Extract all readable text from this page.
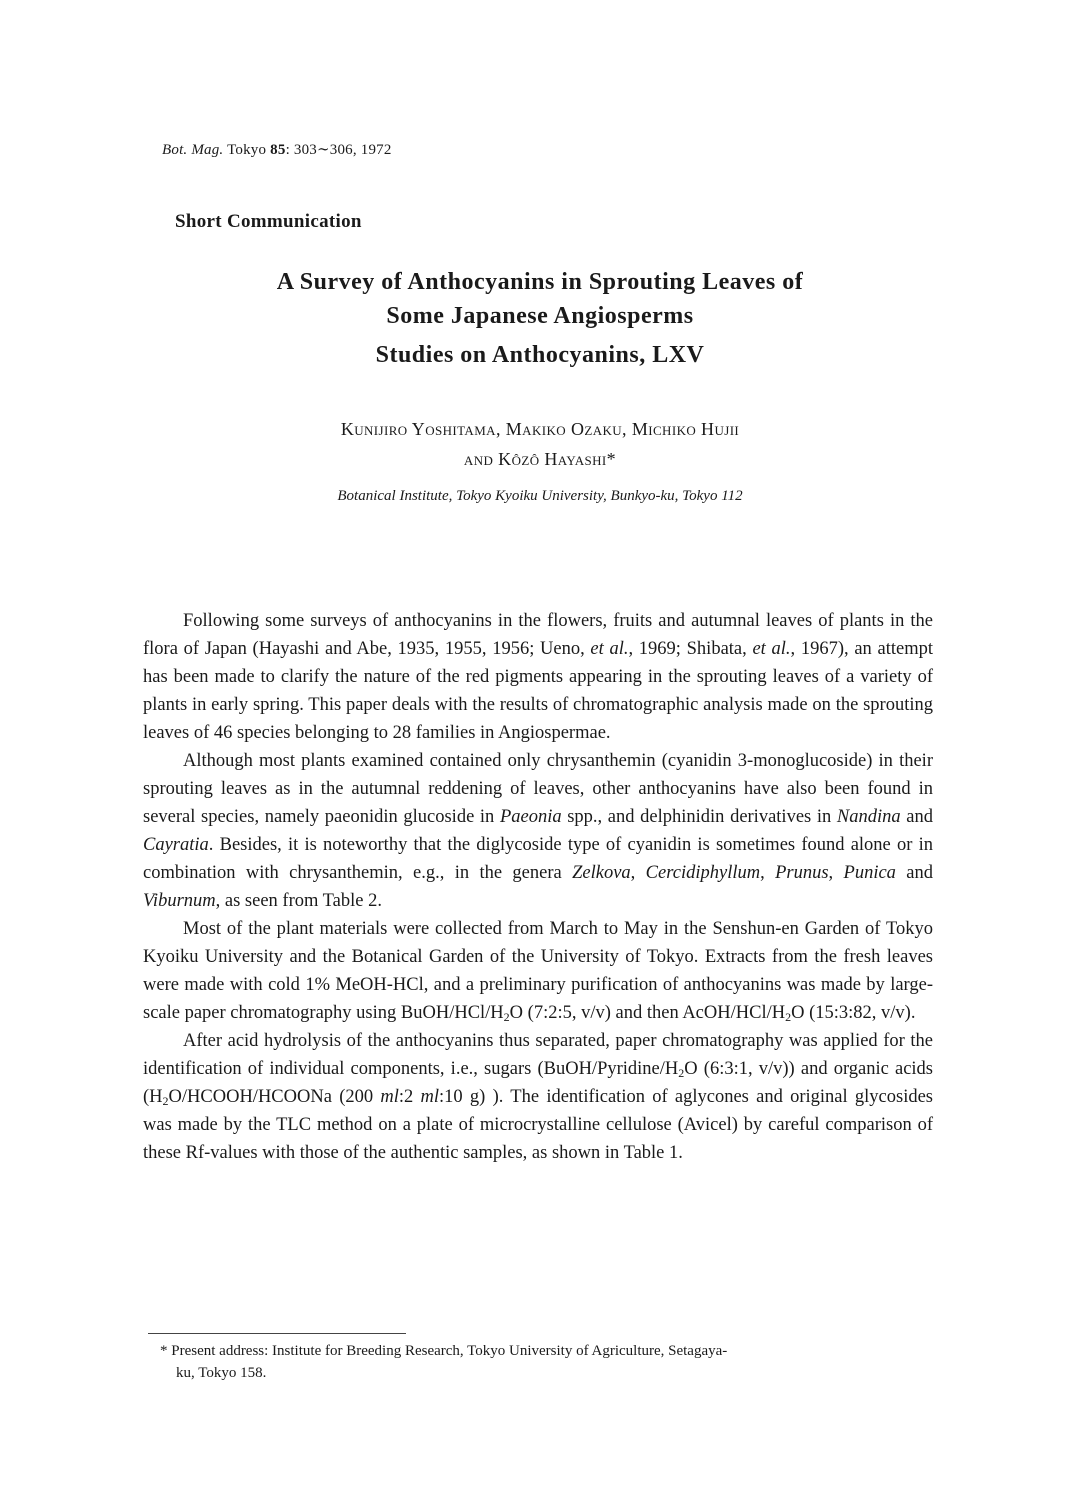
Bot. Mag. Tokyo 85: 303∼306, 1972
Short Communication
A Survey of Anthocyanins in Sprouting Leaves of
Some Japanese Angiosperms
Studies on Anthocyanins, LXV
Kunijiro Yoshitama, Makiko Ozaku, Michiko Hujii
and Kôzô Hayashi*
Botanical Institute, Tokyo Kyoiku University, Bunkyo-ku, Tokyo 112

Following some surveys of anthocyanins in the flowers, fruits and autumnal leaves of plants in the flora of Japan (Hayashi and Abe, 1935, 1955, 1956; Ueno, et al., 1969; Shibata, et al., 1967), an attempt has been made to clarify the nature of the red pigments appearing in the sprouting leaves of a variety of plants in early spring. This paper deals with the results of chromatographic analysis made on the sprouting leaves of 46 species belonging to 28 families in Angiospermae.

Although most plants examined contained only chrysanthemin (cyanidin 3-monoglucoside) in their sprouting leaves as in the autumnal reddening of leaves, other anthocyanins have also been found in several species, namely paeonidin glucoside in Paeonia spp., and delphinidin derivatives in Nandina and Cayratia. Besides, it is noteworthy that the diglycoside type of cyanidin is sometimes found alone or in combination with chrysanthemin, e.g., in the genera Zelkova, Cercidiphyllum, Prunus, Punica and Viburnum, as seen from Table 2.

Most of the plant materials were collected from March to May in the Senshun-en Garden of Tokyo Kyoiku University and the Botanical Garden of the University of Tokyo. Extracts from the fresh leaves were made with cold 1% MeOH-HCl, and a preliminary purification of anthocyanins was made by large-scale paper chromatography using BuOH/$HCl/H_2O$ (7:2:5, v/v) and then AcOH/$HCl/H_2O$ (15:3:82, v/v).

After acid hydrolysis of the anthocyanins thus separated, paper chromatography was applied for the identification of individual components, i.e., sugars ($BuOH/Pyridine/H_2O$ (6:3:1, v/v)) and organic acids ($H_2O/HCOOH$/HCOONa (200 ml:2 ml:10 g) ). The identification of aglycones and original glycosides was made by the TLC method on a plate of microcrystalline cellulose (Avicel) by careful comparison of these Rf-values with those of the authentic samples, as shown in Table 1.

* Present address: Institute for Breeding Research, Tokyo University of Agriculture, Setagaya-
ku, Tokyo 158.
